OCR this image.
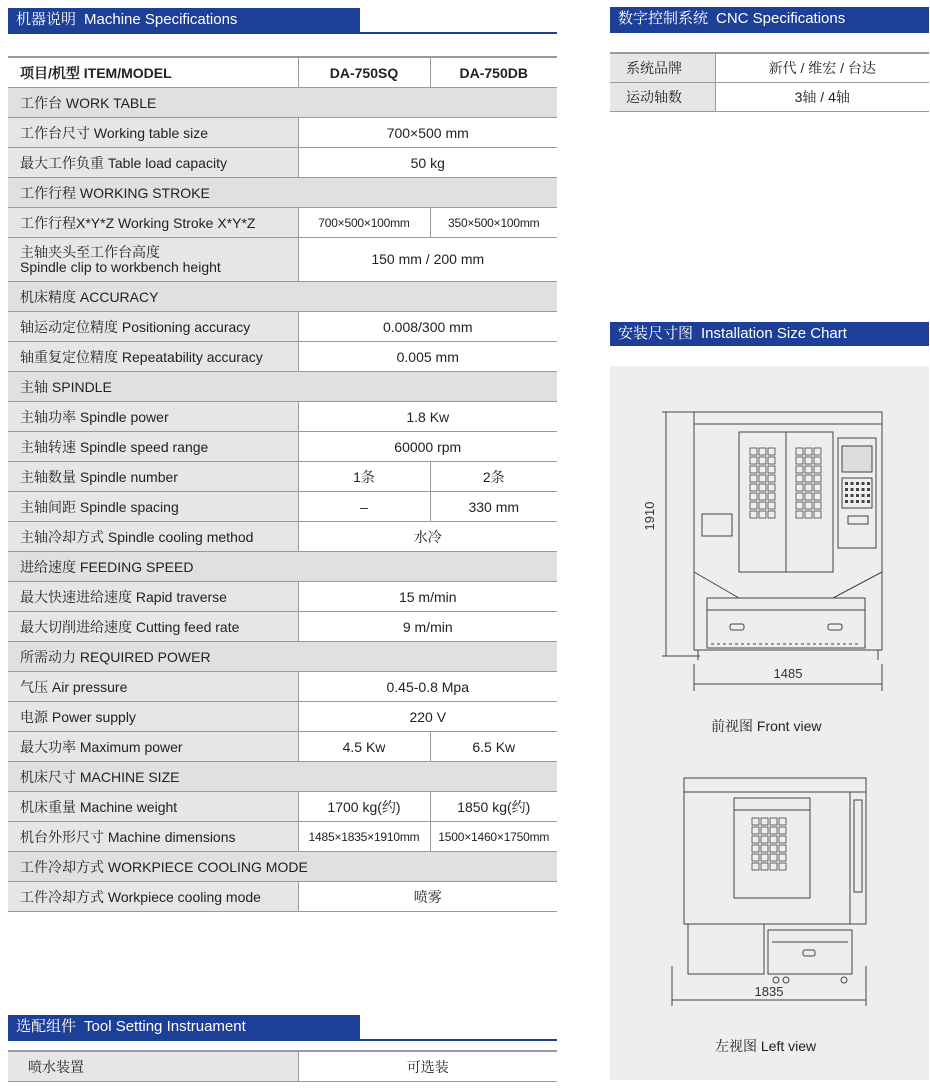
机器说明 Machine Specifications
项目/机型 ITEM/MODEL	DA-750SQ	DA-750DB
工作台 WORK TABLE		
工作台尺寸 Working table size	700×500 mm	
最大工作负重 Table load capacity	50 kg	
工作行程 WORKING STROKE		
工作行程X*Y*Z Working Stroke X*Y*Z	700×500×100mm	350×500×100mm

主轴夹头至工作台高度
Spindle clip to workbench height	150 mm / 200 mm	
机床精度 ACCURACY		
轴运动定位精度 Positioning accuracy	0.008/300 mm	
轴重复定位精度 Repeatability accuracy	0.005 mm	
主轴 SPINDLE		
主轴功率 Spindle power	1.8 Kw	
主轴转速 Spindle speed range	60000 rpm	
主轴数量 Spindle number	1条	2条
主轴间距 Spindle spacing	–	330 mm
主轴冷却方式 Spindle cooling method	水冷	
进给速度 FEEDING SPEED		
最大快速进给速度 Rapid traverse	15 m/min	
最大切削进给速度 Cutting feed rate	9 m/min	
所需动力 REQUIRED POWER		
气压 Air pressure	0.45-0.8 Mpa	
电源 Power supply	220 V	
最大功率 Maximum power	4.5 Kw	6.5 Kw
机床尺寸 MACHINE SIZE		
机床重量 Machine weight	1700 kg(约)	1850 kg(约)
机台外形尺寸 Machine dimensions	1485×1835×1910mm	1500×1460×1750mm
工件冷却方式 WORKPIECE COOLING MODE		
工件冷却方式 Workpiece cooling mode	喷雾	
数字控制系统 CNC Specifications
系统品牌	新代 / 维宏 / 台达
运动轴数	3轴 / 4轴
安装尺寸图 Installation Size Chart
1910
1485
前视图 Front view
1835
左视图 Left view
选配组件 Tool Setting Instruament
喷水装置	可选装
